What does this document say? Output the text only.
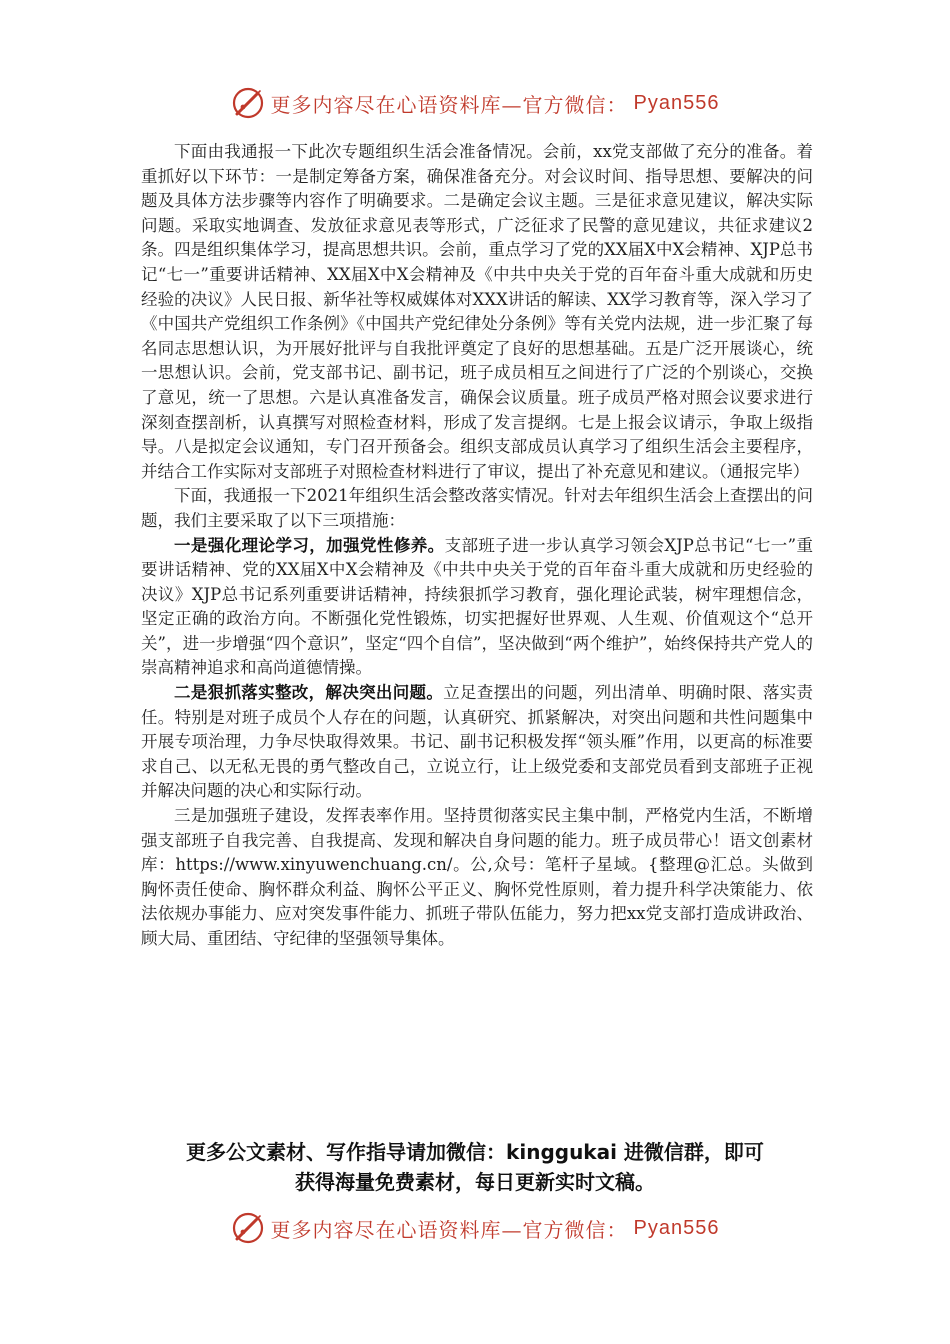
更多内容尽在心语资料库—官方微信： Pyan556

下面由我通报一下此次专题组织生活会准备情况。会前，xx党支部做了充分的准备。着重抓好以下环节：一是制定筹备方案，确保准备充分。对会议时间、指导思想、要解决的问题及具体方法步骤等内容作了明确要求。二是确定会议主题。三是征求意见建议，解决实际问题。采取实地调查、发放征求意见表等形式，广泛征求了民警的意见建议，共征求建议2条。四是组织集体学习，提高思想共识。会前，重点学习了党的XX届X中X会精神、XJP总书记“七一”重要讲话精神、XX届X中X会精神及《中共中央关于党的百年奋斗重大成就和历史经验的决议》人民日报、新华社等权威媒体对XXX讲话的解读、XX学习教育等，深入学习了《中国共产党组织工作条例》《中国共产党纪律处分条例》等有关党内法规，进一步汇聚了每名同志思想认识，为开展好批评与自我批评奠定了良好的思想基础。五是广泛开展谈心，统一思想认识。会前，党支部书记、副书记，班子成员相互之间进行了广泛的个别谈心，交换了意见，统一了思想。六是认真准备发言，确保会议质量。班子成员严格对照会议要求进行深刻查摆剖析，认真撰写对照检查材料，形成了发言提纲。七是上报会议请示，争取上级指导。八是拟定会议通知，专门召开预备会。组织支部成员认真学习了组织生活会主要程序，并结合工作实际对支部班子对照检查材料进行了审议，提出了补充意见和建议。（通报完毕）

下面，我通报一下2021年组织生活会整改落实情况。针对去年组织生活会上查摆出的问题，我们主要采取了以下三项措施：

一是强化理论学习，加强党性修养。支部班子进一步认真学习领会XJP总书记“七一”重要讲话精神、党的XX届X中X会精神及《中共中央关于党的百年奋斗重大成就和历史经验的决议》XJP总书记系列重要讲话精神，持续狠抓学习教育，强化理论武装，树牢理想信念，坚定正确的政治方向。不断强化党性锻炼，切实把握好世界观、人生观、价值观这个“总开关”，进一步增强“四个意识”，坚定“四个自信”，坚决做到“两个维护”，始终保持共产党人的崇高精神追求和高尚道德情操。

二是狠抓落实整改，解决突出问题。立足查摆出的问题，列出清单、明确时限、落实责任。特别是对班子成员个人存在的问题，认真研究、抓紧解决，对突出问题和共性问题集中开展专项治理，力争尽快取得效果。书记、副书记积极发挥“领头雁”作用，以更高的标准要求自己、以无私无畏的勇气整改自己，立说立行，让上级党委和支部党员看到支部班子正视并解决问题的决心和实际行动。

三是加强班子建设，发挥表率作用。坚持贯彻落实民主集中制，严格党内生活，不断增强支部班子自我完善、自我提高、发现和解决自身问题的能力。班子成员带心！语文创素材库：https://www.xinyuwenchuang.cn/。公,众号：笔杆子星域。{整理@汇总。头做到胸怀责任使命、胸怀群众利益、胸怀公平正义、胸怀党性原则，着力提升科学决策能力、依法依规办事能力、应对突发事件能力、抓班子带队伍能力，努力把xx党支部打造成讲政治、顾大局、重团结、守纪律的坚强领导集体。

更多公文素材、写作指导请加微信：kinggukai 进微信群，即可
获得海量免费素材，每日更新实时文稿。
更多内容尽在心语资料库—官方微信： Pyan556
